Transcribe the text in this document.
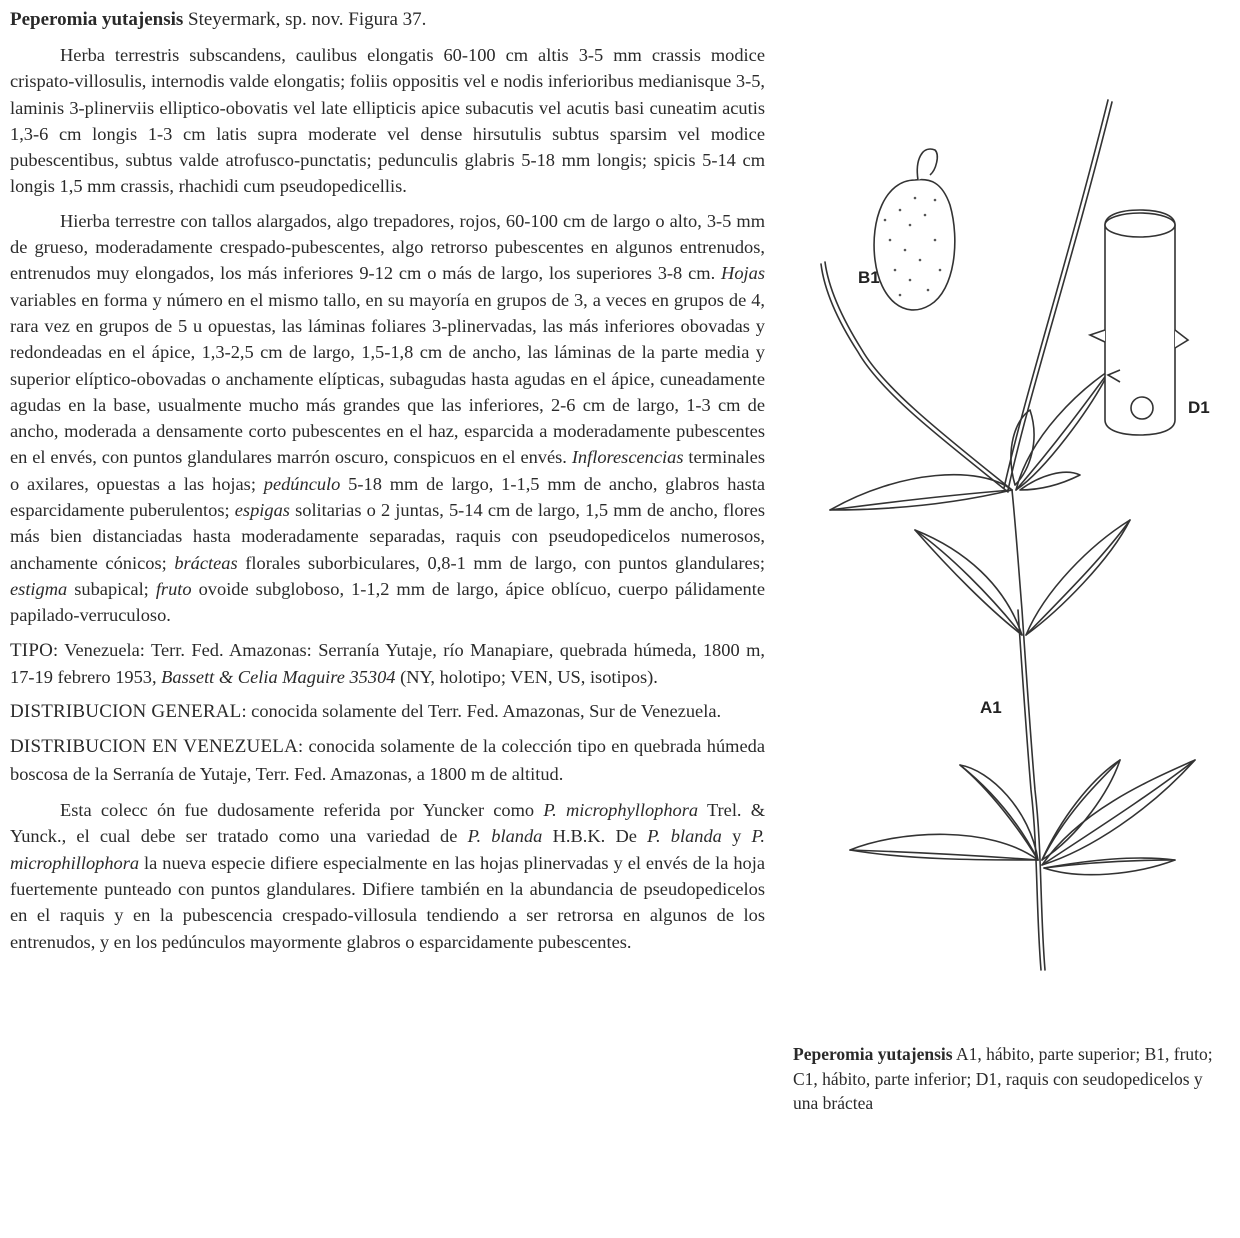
Peperomia yutajensis Steyermark, sp. nov. Figura 37.

Herba terrestris subscandens, caulibus elongatis 60-100 cm altis 3-5 mm crassis modice crispato-villosulis, internodis valde elongatis; foliis oppositis vel e nodis inferioribus medianisque 3-5, laminis 3-plinerviis elliptico-obovatis vel late ellipticis apice subacutis vel acutis basi cuneatim acutis 1,3-6 cm longis 1-3 cm latis supra moderate vel dense hirsutulis subtus sparsim vel modice pubescentibus, subtus valde atrofusco-punctatis; pedunculis glabris 5-18 mm longis; spicis 5-14 cm longis 1,5 mm crassis, rhachidi cum pseudopedicellis.

Hierba terrestre con tallos alargados, algo trepadores, rojos, 60-100 cm de largo o alto, 3-5 mm de grueso, moderadamente crespado-pubescentes, algo retrorso pubescentes en algunos entrenudos, entrenudos muy elongados, los más inferiores 9-12 cm o más de largo, los superiores 3-8 cm. Hojas variables en forma y número en el mismo tallo, en su mayoría en grupos de 3, a veces en grupos de 4, rara vez en grupos de 5 u opuestas, las láminas foliares 3-plinervadas, las más inferiores obovadas y redondeadas en el ápice, 1,3-2,5 cm de largo, 1,5-1,8 cm de ancho, las láminas de la parte media y superior elíptico-obovadas o anchamente elípticas, subagudas hasta agudas en el ápice, cuneadamente agudas en la base, usualmente mucho más grandes que las inferiores, 2-6 cm de largo, 1-3 cm de ancho, moderada a densamente corto pubescentes en el haz, esparcida a moderadamente pubescentes en el envés, con puntos glandulares marrón oscuro, conspicuos en el envés. Inflorescencias terminales o axilares, opuestas a las hojas; pedúnculo 5-18 mm de largo, 1-1,5 mm de ancho, glabros hasta esparcidamente puberulentos; espigas solitarias o 2 juntas, 5-14 cm de largo, 1,5 mm de ancho, flores más bien distanciadas hasta moderadamente separadas, raquis con pseudopedicelos numerosos, anchamente cónicos; brácteas florales suborbiculares, 0,8-1 mm de largo, con puntos glandulares; estigma subapical; fruto ovoide subgloboso, 1-1,2 mm de largo, ápice oblícuo, cuerpo pálidamente papilado-verruculoso.

TIPO: Venezuela: Terr. Fed. Amazonas: Serranía Yutaje, río Manapiare, quebrada húmeda, 1800 m, 17-19 febrero 1953, Bassett & Celia Maguire 35304 (NY, holotipo; VEN, US, isotipos).

DISTRIBUCION GENERAL: conocida solamente del Terr. Fed. Amazonas, Sur de Venezuela.

DISTRIBUCION EN VENEZUELA: conocida solamente de la colección tipo en quebrada húmeda boscosa de la Serranía de Yutaje, Terr. Fed. Amazonas, a 1800 m de altitud.

Esta colecc ón fue dudosamente referida por Yuncker como P. microphyllophora Trel. & Yunck., el cual debe ser tratado como una variedad de P. blanda H.B.K. De P. blanda y P. microphillophora la nueva especie difiere especialmente en las hojas plinervadas y el envés de la hoja fuertemente punteado con puntos glandulares. Difiere también en la abundancia de pseudopedicelos en el raquis y en la pubescencia crespado-villosula tendiendo a ser retrorsa en algunos de los entrenudos, y en los pedúnculos mayormente glabros o esparcidamente pubescentes.

B1
D1
A1
Peperomia yutajensis A1, hábito, parte superior; B1, fruto; C1, hábito, parte inferior; D1, raquis con seudopedicelos y una bráctea
